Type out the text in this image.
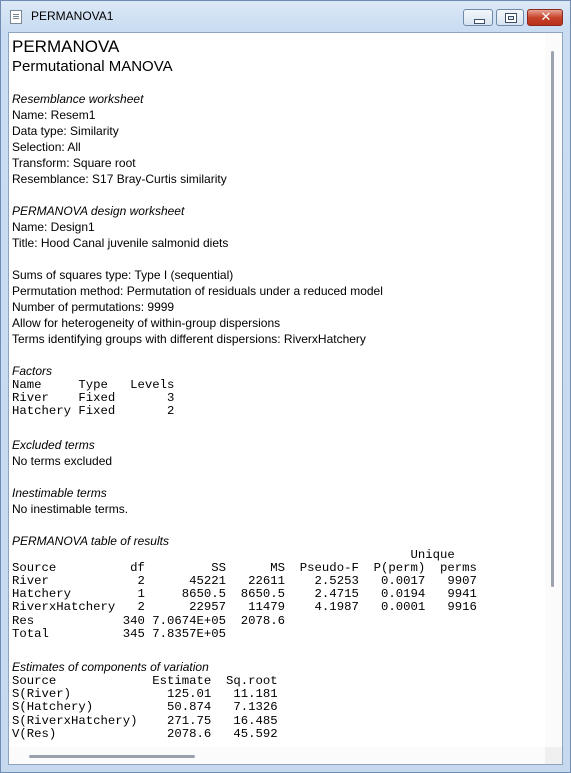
PERMANOVA1	✕
PERMANOVA
Permutational MANOVA
Resemblance worksheet
Name: Resem1
Data type: Similarity
Selection: All
Transform: Square root
Resemblance: S17 Bray-Curtis similarity
PERMANOVA design worksheet
Name: Design1
Title: Hood Canal juvenile salmonid diets
Sums of squares type: Type I (sequential)
Permutation method: Permutation of residuals under a reduced model
Number of permutations: 9999
Allow for heterogeneity of within-group dispersions
Terms identifying groups with different dispersions: RiverxHatchery
Factors
Name     Type   Levels
River    Fixed       3
Hatchery Fixed       2
Excluded terms
No terms excluded
Inestimable terms
No inestimable terms.
PERMANOVA table of results
Unique
Source          df         SS      MS  Pseudo-F  P(perm)  perms
River            2      45221   22611    2.5253   0.0017   9907
Hatchery         1     8650.5  8650.5    2.4715   0.0194   9941
RiverxHatchery   2      22957   11479    4.1987   0.0001   9916
Res            340 7.0674E+05  2078.6
Total          345 7.8357E+05
Estimates of components of variation
Source             Estimate  Sq.root
S(River)             125.01   11.181
S(Hatchery)          50.874   7.1326
S(RiverxHatchery)    271.75   16.485
V(Res)               2078.6   45.592
